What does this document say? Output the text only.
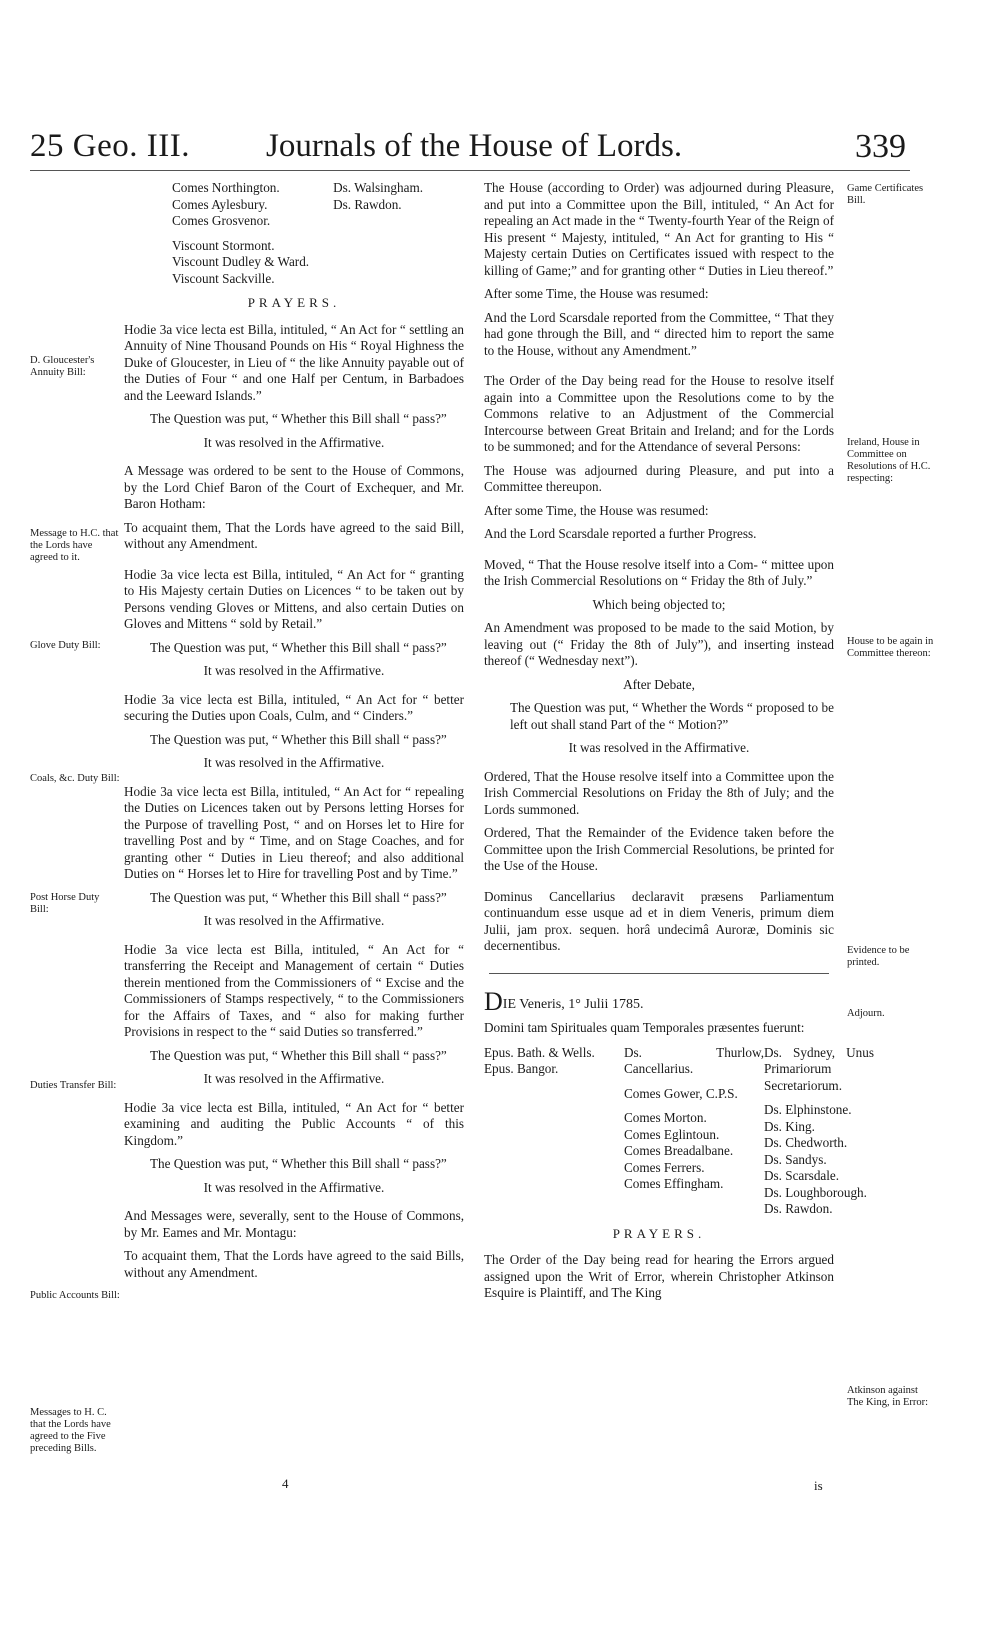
25 Geo. III. Journals of the House of Lords.	339
Comes Northington.
Comes Aylesbury.
Comes Grosvenor.
Viscount Stormont.
Viscount Dudley & Ward.
Viscount Sackville.
Ds. Walsingham.
Ds. Rawdon.
PRAYERS.

Hodie 3a vice lecta est Billa, intituled, “ An Act for “ settling an Annuity of Nine Thousand Pounds on His “ Royal Highness the Duke of Gloucester, in Lieu of “ the like Annuity payable out of the Duties of Four “ and one Half per Centum, in Barbadoes and the Leeward Islands.”

The Question was put, “ Whether this Bill shall “ pass?”

It was resolved in the Affirmative.

A Message was ordered to be sent to the House of Commons, by the Lord Chief Baron of the Court of Exchequer, and Mr. Baron Hotham:

To acquaint them, That the Lords have agreed to the said Bill, without any Amendment.

Hodie 3a vice lecta est Billa, intituled, “ An Act for “ granting to His Majesty certain Duties on Licences “ to be taken out by Persons vending Gloves or Mittens, and also certain Duties on Gloves and Mittens “ sold by Retail.”

The Question was put, “ Whether this Bill shall “ pass?”

It was resolved in the Affirmative.

Hodie 3a vice lecta est Billa, intituled, “ An Act for “ better securing the Duties upon Coals, Culm, and “ Cinders.”

The Question was put, “ Whether this Bill shall “ pass?”

It was resolved in the Affirmative.

Hodie 3a vice lecta est Billa, intituled, “ An Act for “ repealing the Duties on Licences taken out by Persons letting Horses for the Purpose of travelling Post, “ and on Horses let to Hire for travelling Post and by “ Time, and on Stage Coaches, and for granting other “ Duties in Lieu thereof; and also additional Duties on “ Horses let to Hire for travelling Post and by Time.”

The Question was put, “ Whether this Bill shall “ pass?”

It was resolved in the Affirmative.

Hodie 3a vice lecta est Billa, intituled, “ An Act for “ transferring the Receipt and Management of certain “ Duties therein mentioned from the Commissioners of “ Excise and the Commissioners of Stamps respectively, “ to the Commissioners for the Affairs of Taxes, and “ also for making further Provisions in respect to the “ said Duties so transferred.”

The Question was put, “ Whether this Bill shall “ pass?”

It was resolved in the Affirmative.

Hodie 3a vice lecta est Billa, intituled, “ An Act for “ better examining and auditing the Public Accounts “ of this Kingdom.”

The Question was put, “ Whether this Bill shall “ pass?”

It was resolved in the Affirmative.

And Messages were, severally, sent to the House of Commons, by Mr. Eames and Mr. Montagu:

To acquaint them, That the Lords have agreed to the said Bills, without any Amendment.

D. Gloucester's Annuity Bill:
Message to H.C. that the Lords have agreed to it.
Glove Duty Bill:
Coals, &c. Duty Bill:
Post Horse Duty Bill:
Duties Transfer Bill:
Public Accounts Bill:
Messages to H. C. that the Lords have agreed to the Five preceding Bills.

The House (according to Order) was adjourned during Pleasure, and put into a Committee upon the Bill, intituled, “ An Act for repealing an Act made in the “ Twenty-fourth Year of the Reign of His present “ Majesty, intituled, “ An Act for granting to His “ Majesty certain Duties on Certificates issued with respect to the killing of Game;” and for granting other “ Duties in Lieu thereof.”

After some Time, the House was resumed:

And the Lord Scarsdale reported from the Committee, “ That they had gone through the Bill, and “ directed him to report the same to the House, without any Amendment.”

The Order of the Day being read for the House to resolve itself again into a Committee upon the Resolutions come to by the Commons relative to an Adjustment of the Commercial Intercourse between Great Britain and Ireland; and for the Lords to be summoned; and for the Attendance of several Persons:

The House was adjourned during Pleasure, and put into a Committee thereupon.

After some Time, the House was resumed:

And the Lord Scarsdale reported a further Progress.

Moved, “ That the House resolve itself into a Com- “ mittee upon the Irish Commercial Resolutions on “ Friday the 8th of July.”

Which being objected to;

An Amendment was proposed to be made to the said Motion, by leaving out (“ Friday the 8th of July”), and inserting instead thereof (“ Wednesday next”).

After Debate,

The Question was put, “ Whether the Words “ proposed to be left out shall stand Part of the “ Motion?”

It was resolved in the Affirmative.

Ordered, That the House resolve itself into a Committee upon the Irish Commercial Resolutions on Friday the 8th of July; and the Lords summoned.

Ordered, That the Remainder of the Evidence taken before the Committee upon the Irish Commercial Resolutions, be printed for the Use of the House.

Dominus Cancellarius declaravit præsens Parliamentum continuandum esse usque ad et in diem Veneris, primum diem Julii, jam prox. sequen. horâ undecimâ Auroræ, Dominis sic decernentibus.

DIE Veneris, 1° Julii 1785.

Domini tam Spirituales quam Temporales præsentes fuerunt:

Epus. Bath. & Wells.
Epus. Bangor.
Ds. Thurlow, Cancellarius.
Comes Gower, C.P.S.
Comes Morton.
Comes Eglintoun.
Comes Breadalbane.
Comes Ferrers.
Comes Effingham.
Ds. Sydney, Unus Primariorum Secretariorum.
Ds. Elphinstone.
Ds. King.
Ds. Chedworth.
Ds. Sandys.
Ds. Scarsdale.
Ds. Loughborough.
Ds. Rawdon.
PRAYERS.

The Order of the Day being read for hearing the Errors argued assigned upon the Writ of Error, wherein Christopher Atkinson Esquire is Plaintiff, and The King

Game Certificates Bill.
Ireland, House in Committee on Resolutions of H.C. respecting:
House to be again in Committee thereon:
Evidence to be printed.
Adjourn.
Atkinson against The King, in Error:
4	is
